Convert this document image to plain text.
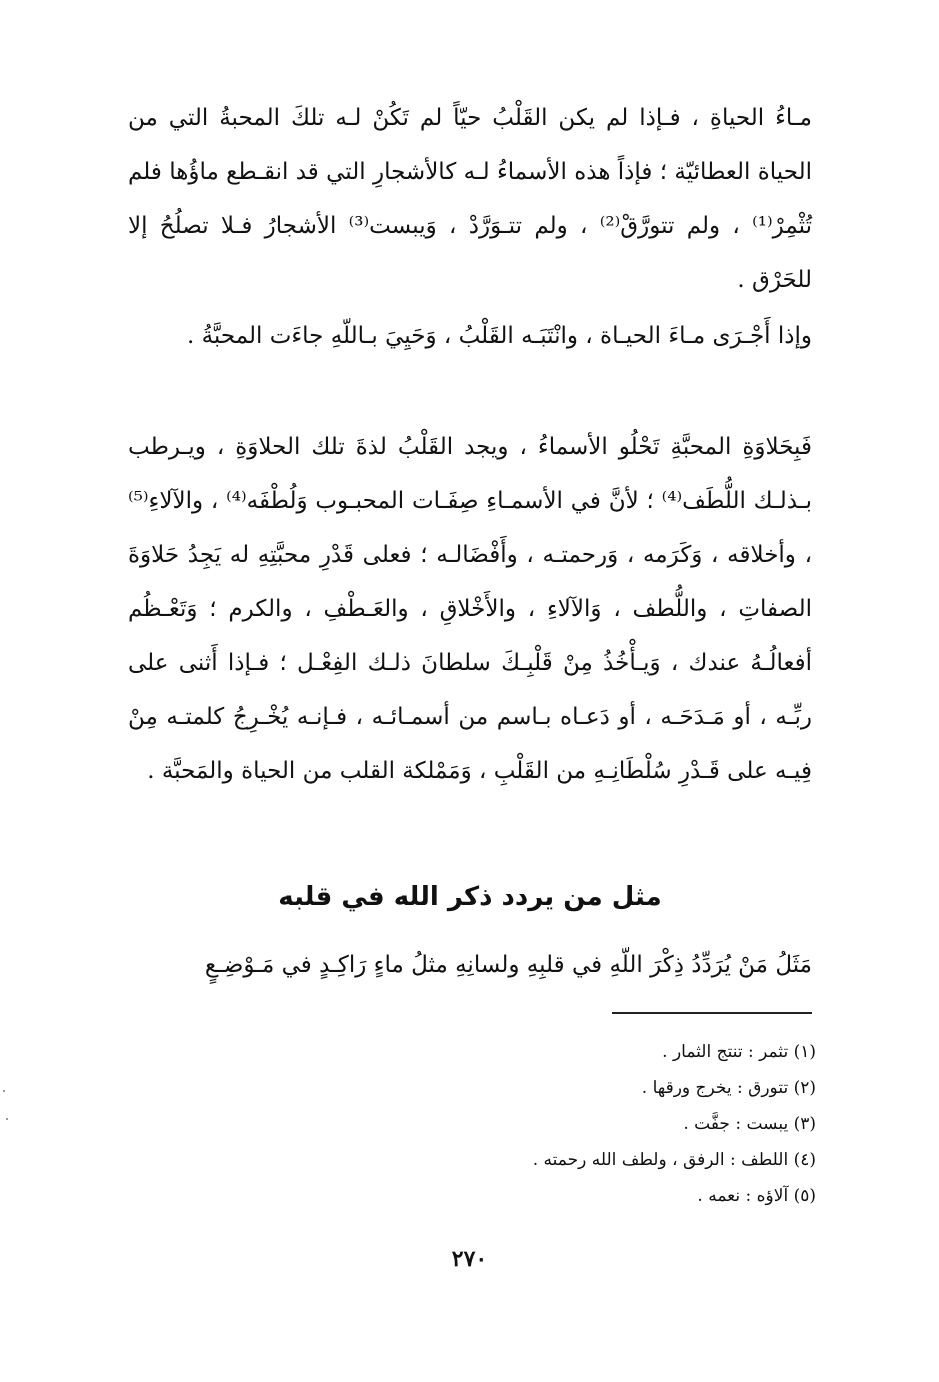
مـاءُ الحياةِ ، فـإذا لم يكن القَلْبُ حيّاً لم تَكُنْ لـه تلكَ المحبةُ التي من الحياة العطائيّة ؛ فإذاً هذه الأسماءُ لـه كالأشجارِ التي قد انقـطع ماؤُها فلم تُثْمِرْ⁽¹⁾ ، ولم تتورَّقْ⁽²⁾ ، ولم تتـوَرَّدْ ، وَيبست⁽³⁾ الأشجارُ فـلا تصلُحُ إلا للحَرْق .

وإذا أَجْـرَى مـاءَ الحيـاة ، وانْتَبَـه القَلْبُ ، وَحَيِيَ بـاللّهِ جاءَت المحبَّةُ .

فَبِحَلاوَةِ المحبَّةِ تَحْلُو الأسماءُ ، ويجد القَلْبُ لذةَ تلك الحلاوَةِ ، ويـرطب بـذلـك اللُّطَف⁽⁴⁾ ؛ لأنَّ في الأسمـاءِ صِفَـات المحبـوب وَلُطْفَه⁽⁴⁾ ، والآلاءِ⁽⁵⁾ ، وأخلاقه ، وَكَرَمه ، وَرحمتـه ، وأَفْضَالـه ؛ فعلى قَدْرِ محبَّتِهِ له يَجِدُ حَلاوَةَ الصفاتِ ، واللُّطف ، وَالآلاءِ ، والأَخْلاقِ ، والعَـطْفِ ، والكرم ؛ وَتَعْـظُم أفعالُـهُ عندك ، وَيـأْخُذُ مِنْ قَلْبِـكَ سلطانَ ذلـك الفِعْـل ؛ فـإذا أَثنى على ربِّـه ، أو مَـدَحَـه ، أو دَعـاه بـاسم من أسمـائـه ، فـإنـه يُخْـرِجُ كلمتـه مِنْ فِيـه على قَـدْرِ سُلْطَانِـهِ من القَلْبِ ، وَمَمْلكة القلب من الحياة والمَحبَّة .

مثل من يردد ذكر الله في قلبه

مَثَلُ مَنْ يُرَدِّدُ ذِكْرَ اللّهِ في قلبِهِ ولسانِهِ مثلُ ماءٍ رَاكِـدٍ في مَـوْضِـعٍ

(١) تثمر : تنتج الثمار .
(٢) تتورق : يخرج ورقها .
(٣) يبست : جفَّت .
(٤) اللطف : الرفق ، ولطف الله رحمته .
(٥) آلاؤه : نعمه .
٢٧٠
